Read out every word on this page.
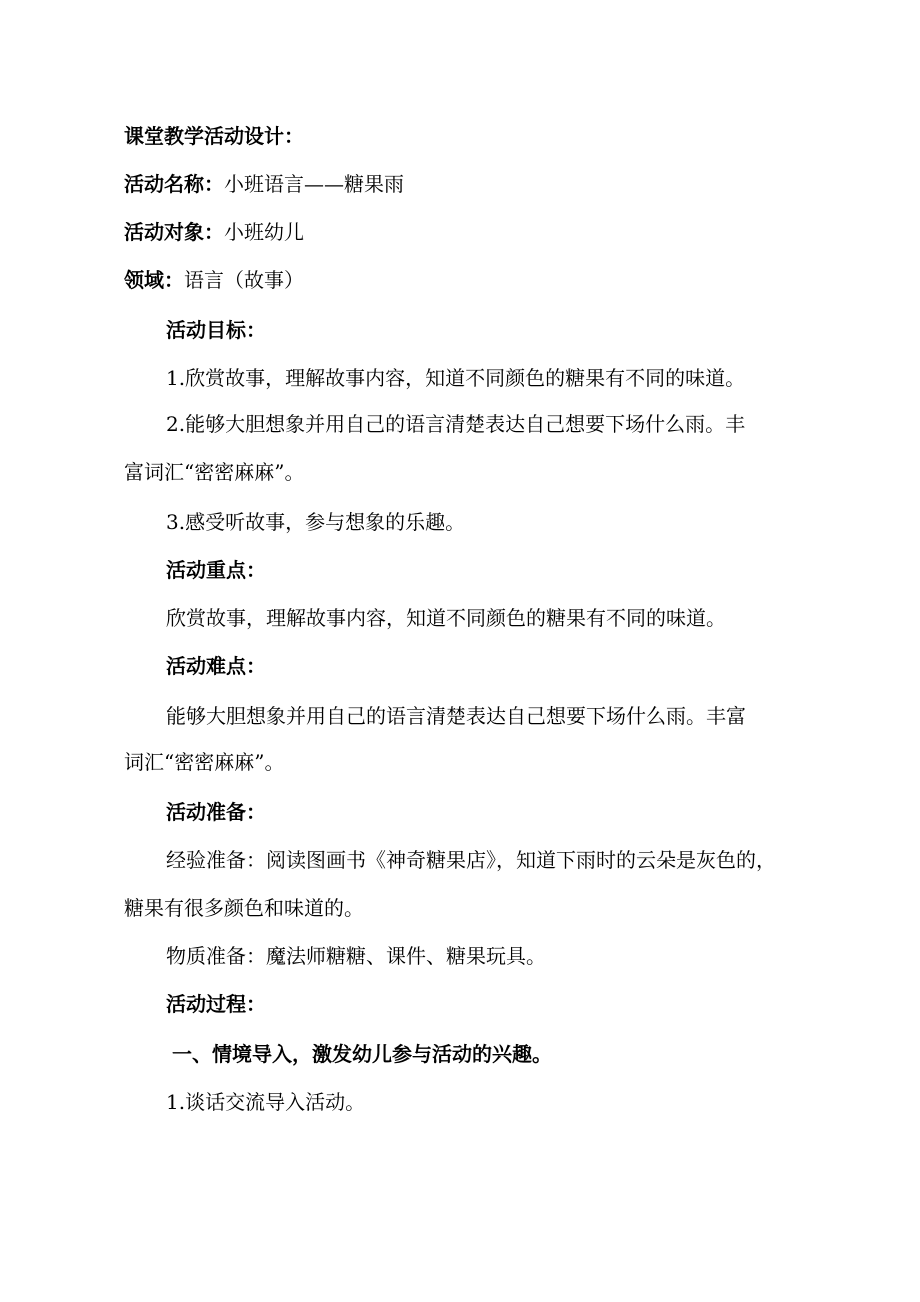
课堂教学活动设计：
活动名称：小班语言——糖果雨
活动对象：小班幼儿
领域：语言（故事）
活动目标：
1.欣赏故事，理解故事内容，知道不同颜色的糖果有不同的味道。
2.能够大胆想象并用自己的语言清楚表达自己想要下场什么雨。丰
富词汇“密密麻麻”。
3.感受听故事，参与想象的乐趣。
活动重点：
欣赏故事，理解故事内容，知道不同颜色的糖果有不同的味道。
活动难点：
能够大胆想象并用自己的语言清楚表达自己想要下场什么雨。丰富
词汇“密密麻麻”。
活动准备：
经验准备：阅读图画书《神奇糖果店》，知道下雨时的云朵是灰色的，
糖果有很多颜色和味道的。
物质准备：魔法师糖糖、课件、糖果玩具。
活动过程：
一、情境导入，激发幼儿参与活动的兴趣。
1.谈话交流导入活动。
